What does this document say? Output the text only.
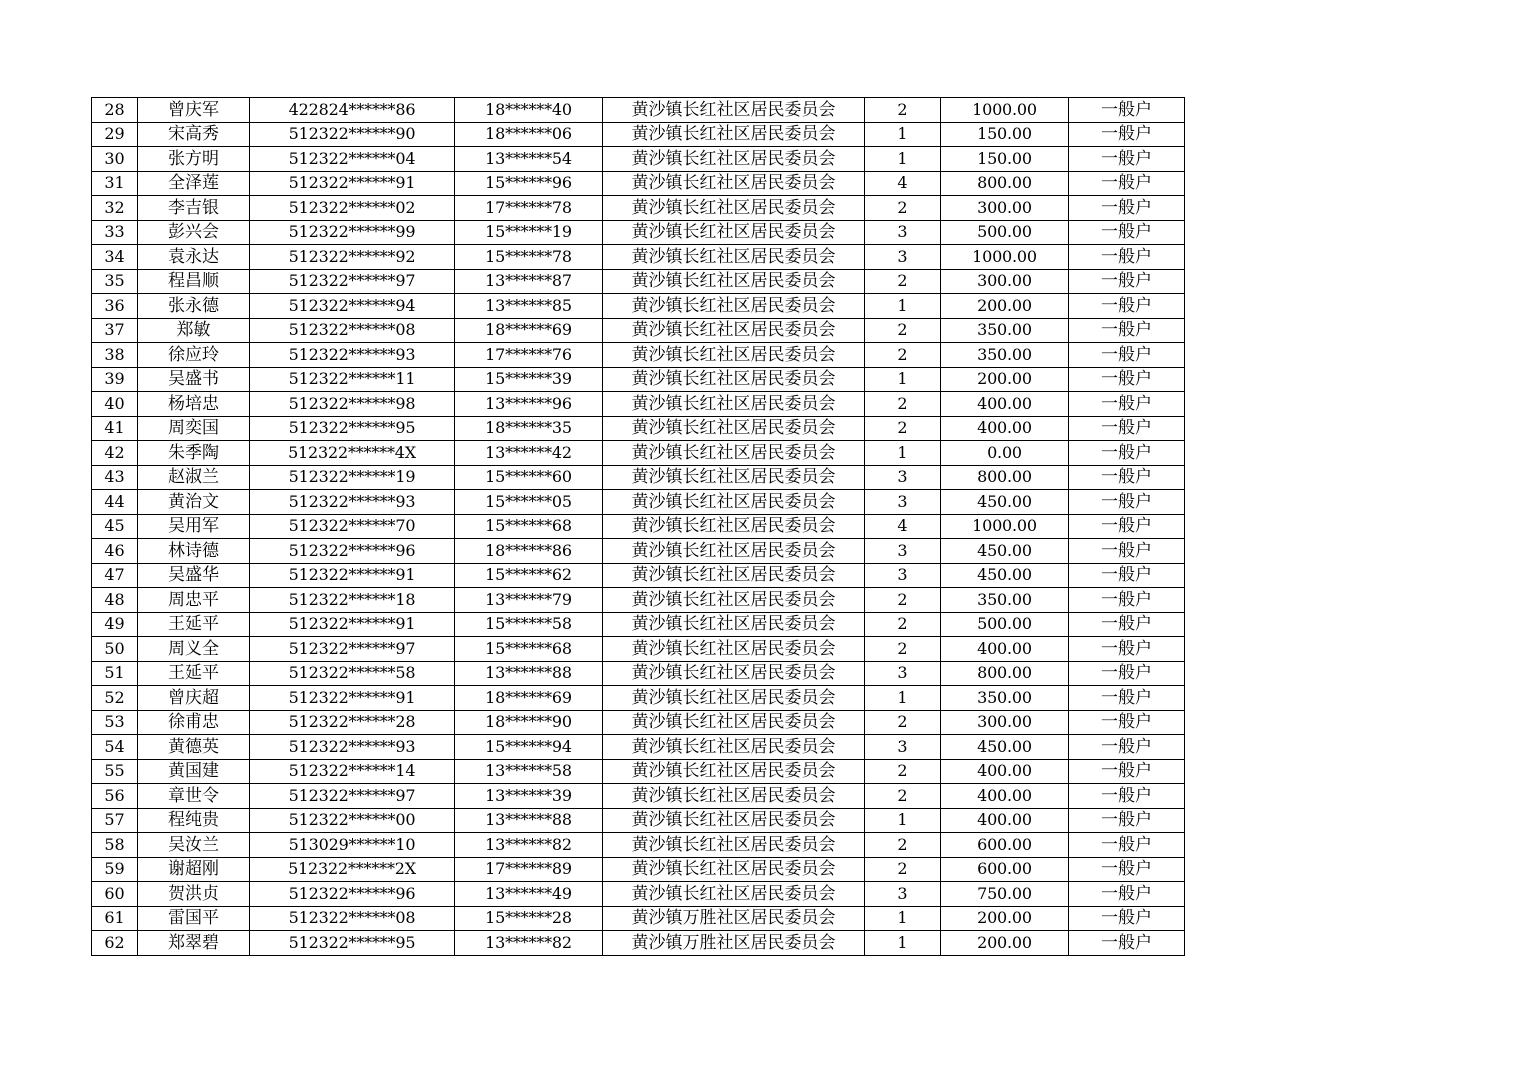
28	曾庆军	422824******86	18******40	黄沙镇长红社区居民委员会	2	1000.00	一般户
29	宋高秀	512322******90	18******06	黄沙镇长红社区居民委员会	1	150.00	一般户
30	张方明	512322******04	13******54	黄沙镇长红社区居民委员会	1	150.00	一般户
31	全泽莲	512322******91	15******96	黄沙镇长红社区居民委员会	4	800.00	一般户
32	李吉银	512322******02	17******78	黄沙镇长红社区居民委员会	2	300.00	一般户
33	彭兴会	512322******99	15******19	黄沙镇长红社区居民委员会	3	500.00	一般户
34	袁永达	512322******92	15******78	黄沙镇长红社区居民委员会	3	1000.00	一般户
35	程昌顺	512322******97	13******87	黄沙镇长红社区居民委员会	2	300.00	一般户
36	张永德	512322******94	13******85	黄沙镇长红社区居民委员会	1	200.00	一般户
37	郑敏	512322******08	18******69	黄沙镇长红社区居民委员会	2	350.00	一般户
38	徐应玲	512322******93	17******76	黄沙镇长红社区居民委员会	2	350.00	一般户
39	吴盛书	512322******11	15******39	黄沙镇长红社区居民委员会	1	200.00	一般户
40	杨培忠	512322******98	13******96	黄沙镇长红社区居民委员会	2	400.00	一般户
41	周奕国	512322******95	18******35	黄沙镇长红社区居民委员会	2	400.00	一般户
42	朱季陶	512322******4X	13******42	黄沙镇长红社区居民委员会	1	0.00	一般户
43	赵淑兰	512322******19	15******60	黄沙镇长红社区居民委员会	3	800.00	一般户
44	黄治文	512322******93	15******05	黄沙镇长红社区居民委员会	3	450.00	一般户
45	吴用军	512322******70	15******68	黄沙镇长红社区居民委员会	4	1000.00	一般户
46	林诗德	512322******96	18******86	黄沙镇长红社区居民委员会	3	450.00	一般户
47	吴盛华	512322******91	15******62	黄沙镇长红社区居民委员会	3	450.00	一般户
48	周忠平	512322******18	13******79	黄沙镇长红社区居民委员会	2	350.00	一般户
49	王延平	512322******91	15******58	黄沙镇长红社区居民委员会	2	500.00	一般户
50	周义全	512322******97	15******68	黄沙镇长红社区居民委员会	2	400.00	一般户
51	王延平	512322******58	13******88	黄沙镇长红社区居民委员会	3	800.00	一般户
52	曾庆超	512322******91	18******69	黄沙镇长红社区居民委员会	1	350.00	一般户
53	徐甫忠	512322******28	18******90	黄沙镇长红社区居民委员会	2	300.00	一般户
54	黄德英	512322******93	15******94	黄沙镇长红社区居民委员会	3	450.00	一般户
55	黄国建	512322******14	13******58	黄沙镇长红社区居民委员会	2	400.00	一般户
56	章世令	512322******97	13******39	黄沙镇长红社区居民委员会	2	400.00	一般户
57	程纯贵	512322******00	13******88	黄沙镇长红社区居民委员会	1	400.00	一般户
58	吴汝兰	513029******10	13******82	黄沙镇长红社区居民委员会	2	600.00	一般户
59	谢超刚	512322******2X	17******89	黄沙镇长红社区居民委员会	2	600.00	一般户
60	贺洪贞	512322******96	13******49	黄沙镇长红社区居民委员会	3	750.00	一般户
61	雷国平	512322******08	15******28	黄沙镇万胜社区居民委员会	1	200.00	一般户
62	郑翠碧	512322******95	13******82	黄沙镇万胜社区居民委员会	1	200.00	一般户
